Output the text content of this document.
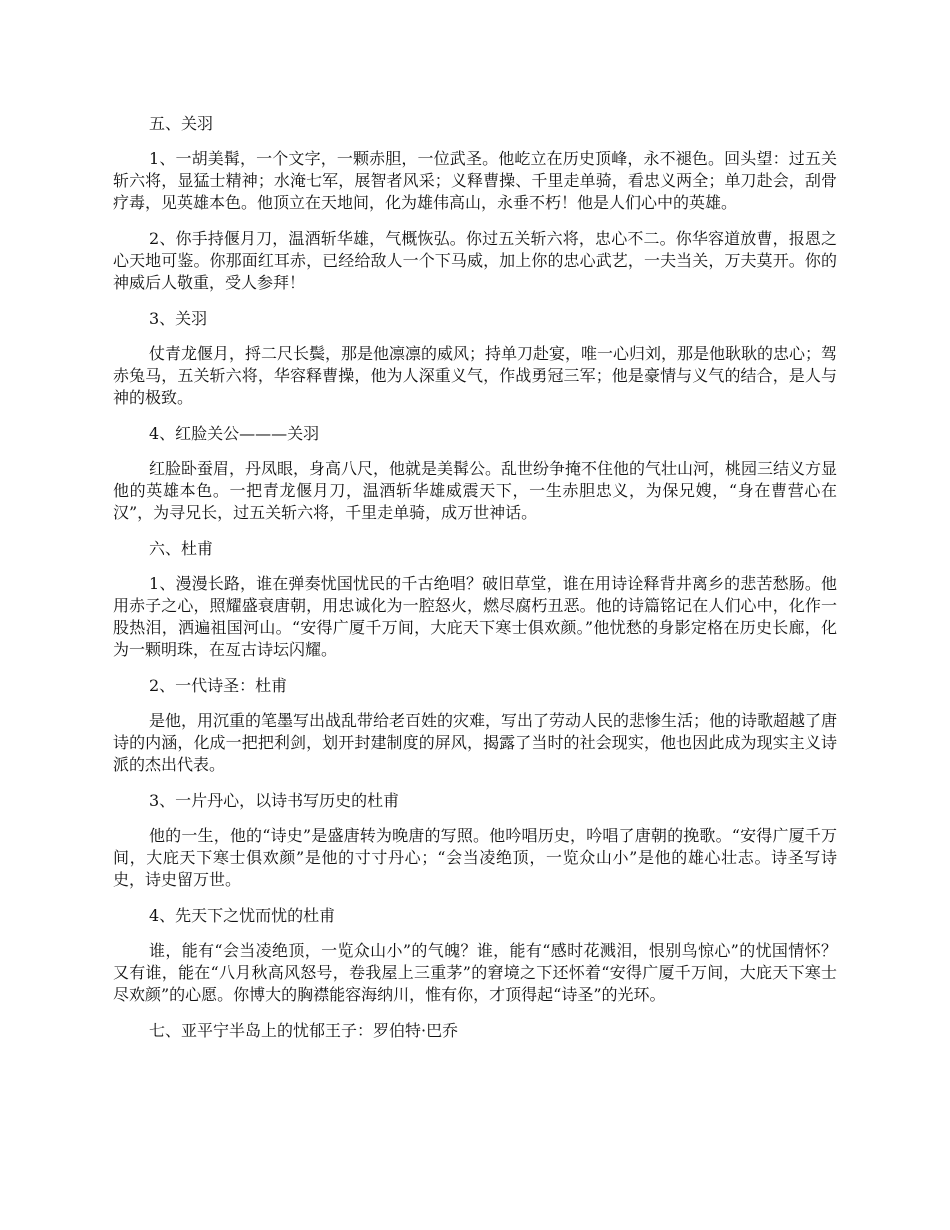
五、关羽

1、一胡美髯，一个文字，一颗赤胆，一位武圣。他屹立在历史顶峰，永不褪色。回头望：过五关斩六将，显猛士精神；水淹七军，展智者风采；义释曹操、千里走单骑，看忠义两全；单刀赴会，刮骨疗毒，见英雄本色。他顶立在天地间，化为雄伟高山，永垂不朽！他是人们心中的英雄。

2、你手持偃月刀，温酒斩华雄，气概恢弘。你过五关斩六将，忠心不二。你华容道放曹，报恩之心天地可鉴。你那面红耳赤，已经给敌人一个下马威，加上你的忠心武艺，一夫当关，万夫莫开。你的神威后人敬重，受人参拜！

3、关羽

仗青龙偃月，捋二尺长鬓，那是他凛凛的威风；持单刀赴宴，唯一心归刘，那是他耿耿的忠心；驾赤兔马，五关斩六将，华容释曹操，他为人深重义气，作战勇冠三军；他是豪情与义气的结合，是人与神的极致。

4、红脸关公———关羽

红脸卧蚕眉，丹凤眼，身高八尺，他就是美髯公。乱世纷争掩不住他的气壮山河，桃园三结义方显他的英雄本色。一把青龙偃月刀，温酒斩华雄威震天下，一生赤胆忠义，为保兄嫂，“身在曹营心在汉”，为寻兄长，过五关斩六将，千里走单骑，成万世神话。

六、杜甫

1、漫漫长路，谁在弹奏忧国忧民的千古绝唱？破旧草堂，谁在用诗诠释背井离乡的悲苦愁肠。他用赤子之心，照耀盛衰唐朝，用忠诚化为一腔怒火，燃尽腐朽丑恶。他的诗篇铭记在人们心中，化作一股热泪，洒遍祖国河山。“安得广厦千万间，大庇天下寒士俱欢颜。”他忧愁的身影定格在历史长廊，化为一颗明珠，在亙古诗坛闪耀。

2、一代诗圣：杜甫

是他，用沉重的笔墨写出战乱带给老百姓的灾难，写出了劳动人民的悲惨生活；他的诗歌超越了唐诗的内涵，化成一把把利剑，划开封建制度的屏风，揭露了当时的社会现实，他也因此成为现实主义诗派的杰出代表。

3、一片丹心，以诗书写历史的杜甫

他的一生，他的“诗史”是盛唐转为晚唐的写照。他吟唱历史，吟唱了唐朝的挽歌。“安得广厦千万间，大庇天下寒士俱欢颜”是他的寸寸丹心；“会当凌绝顶，一览众山小”是他的雄心壮志。诗圣写诗史，诗史留万世。

4、先天下之忧而忧的杜甫

谁，能有“会当凌绝顶，一览众山小”的气魄？谁，能有“感时花溅泪，恨别鸟惊心”的忧国情怀？又有谁，能在“八月秋高风怒号，卷我屋上三重茅”的窘境之下还怀着“安得广厦千万间，大庇天下寒士尽欢颜”的心愿。你博大的胸襟能容海纳川，惟有你，才顶得起“诗圣”的光环。

七、亚平宁半岛上的忧郁王子：罗伯特·巴乔
